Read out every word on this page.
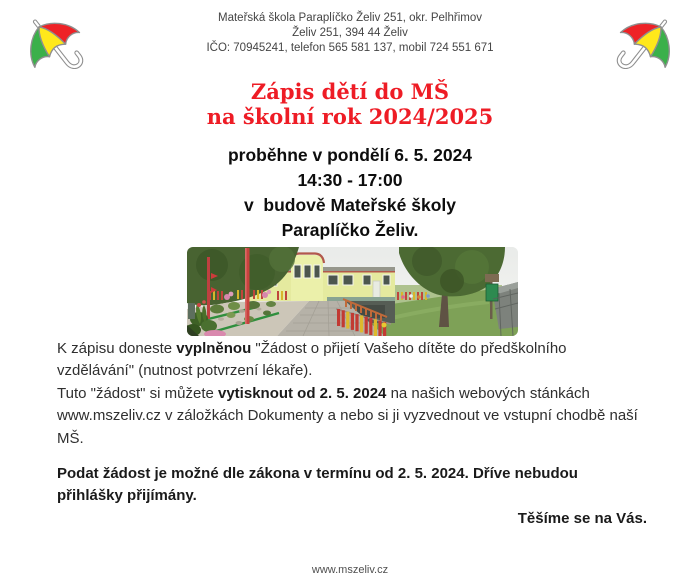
Mateřská škola Paraplíčko Želiv 251, okr. Pelhřimov
Želiv 251, 394 44 Želiv
IČO: 70945241, telefon 565 581 137, mobil 724 551 671
Zápis dětí do MŠ
na školní rok 2024/2025
proběhne v pondělí 6. 5. 2024
14:30 - 17:00
v  budově Mateřské školy
Paraplíčko Želiv.

K zápisu doneste vyplněnou "Žádost o přijetí Vašeho dítěte do předškolního vzdělávání" (nutnost potvrzení lékaře).

Tuto "žádost" si můžete vytisknout od 2. 5. 2024 na našich webových stánkách www.mszeliv.cz v záložkách Dokumenty a nebo si ji vyzvednout ve vstupní chodbě naší MŠ.

Podat žádost je možné dle zákona v termínu od 2. 5. 2024. Dříve nebudou přihlášky přijímány.

Těšíme se na Vás.

www.mszeliv.cz
